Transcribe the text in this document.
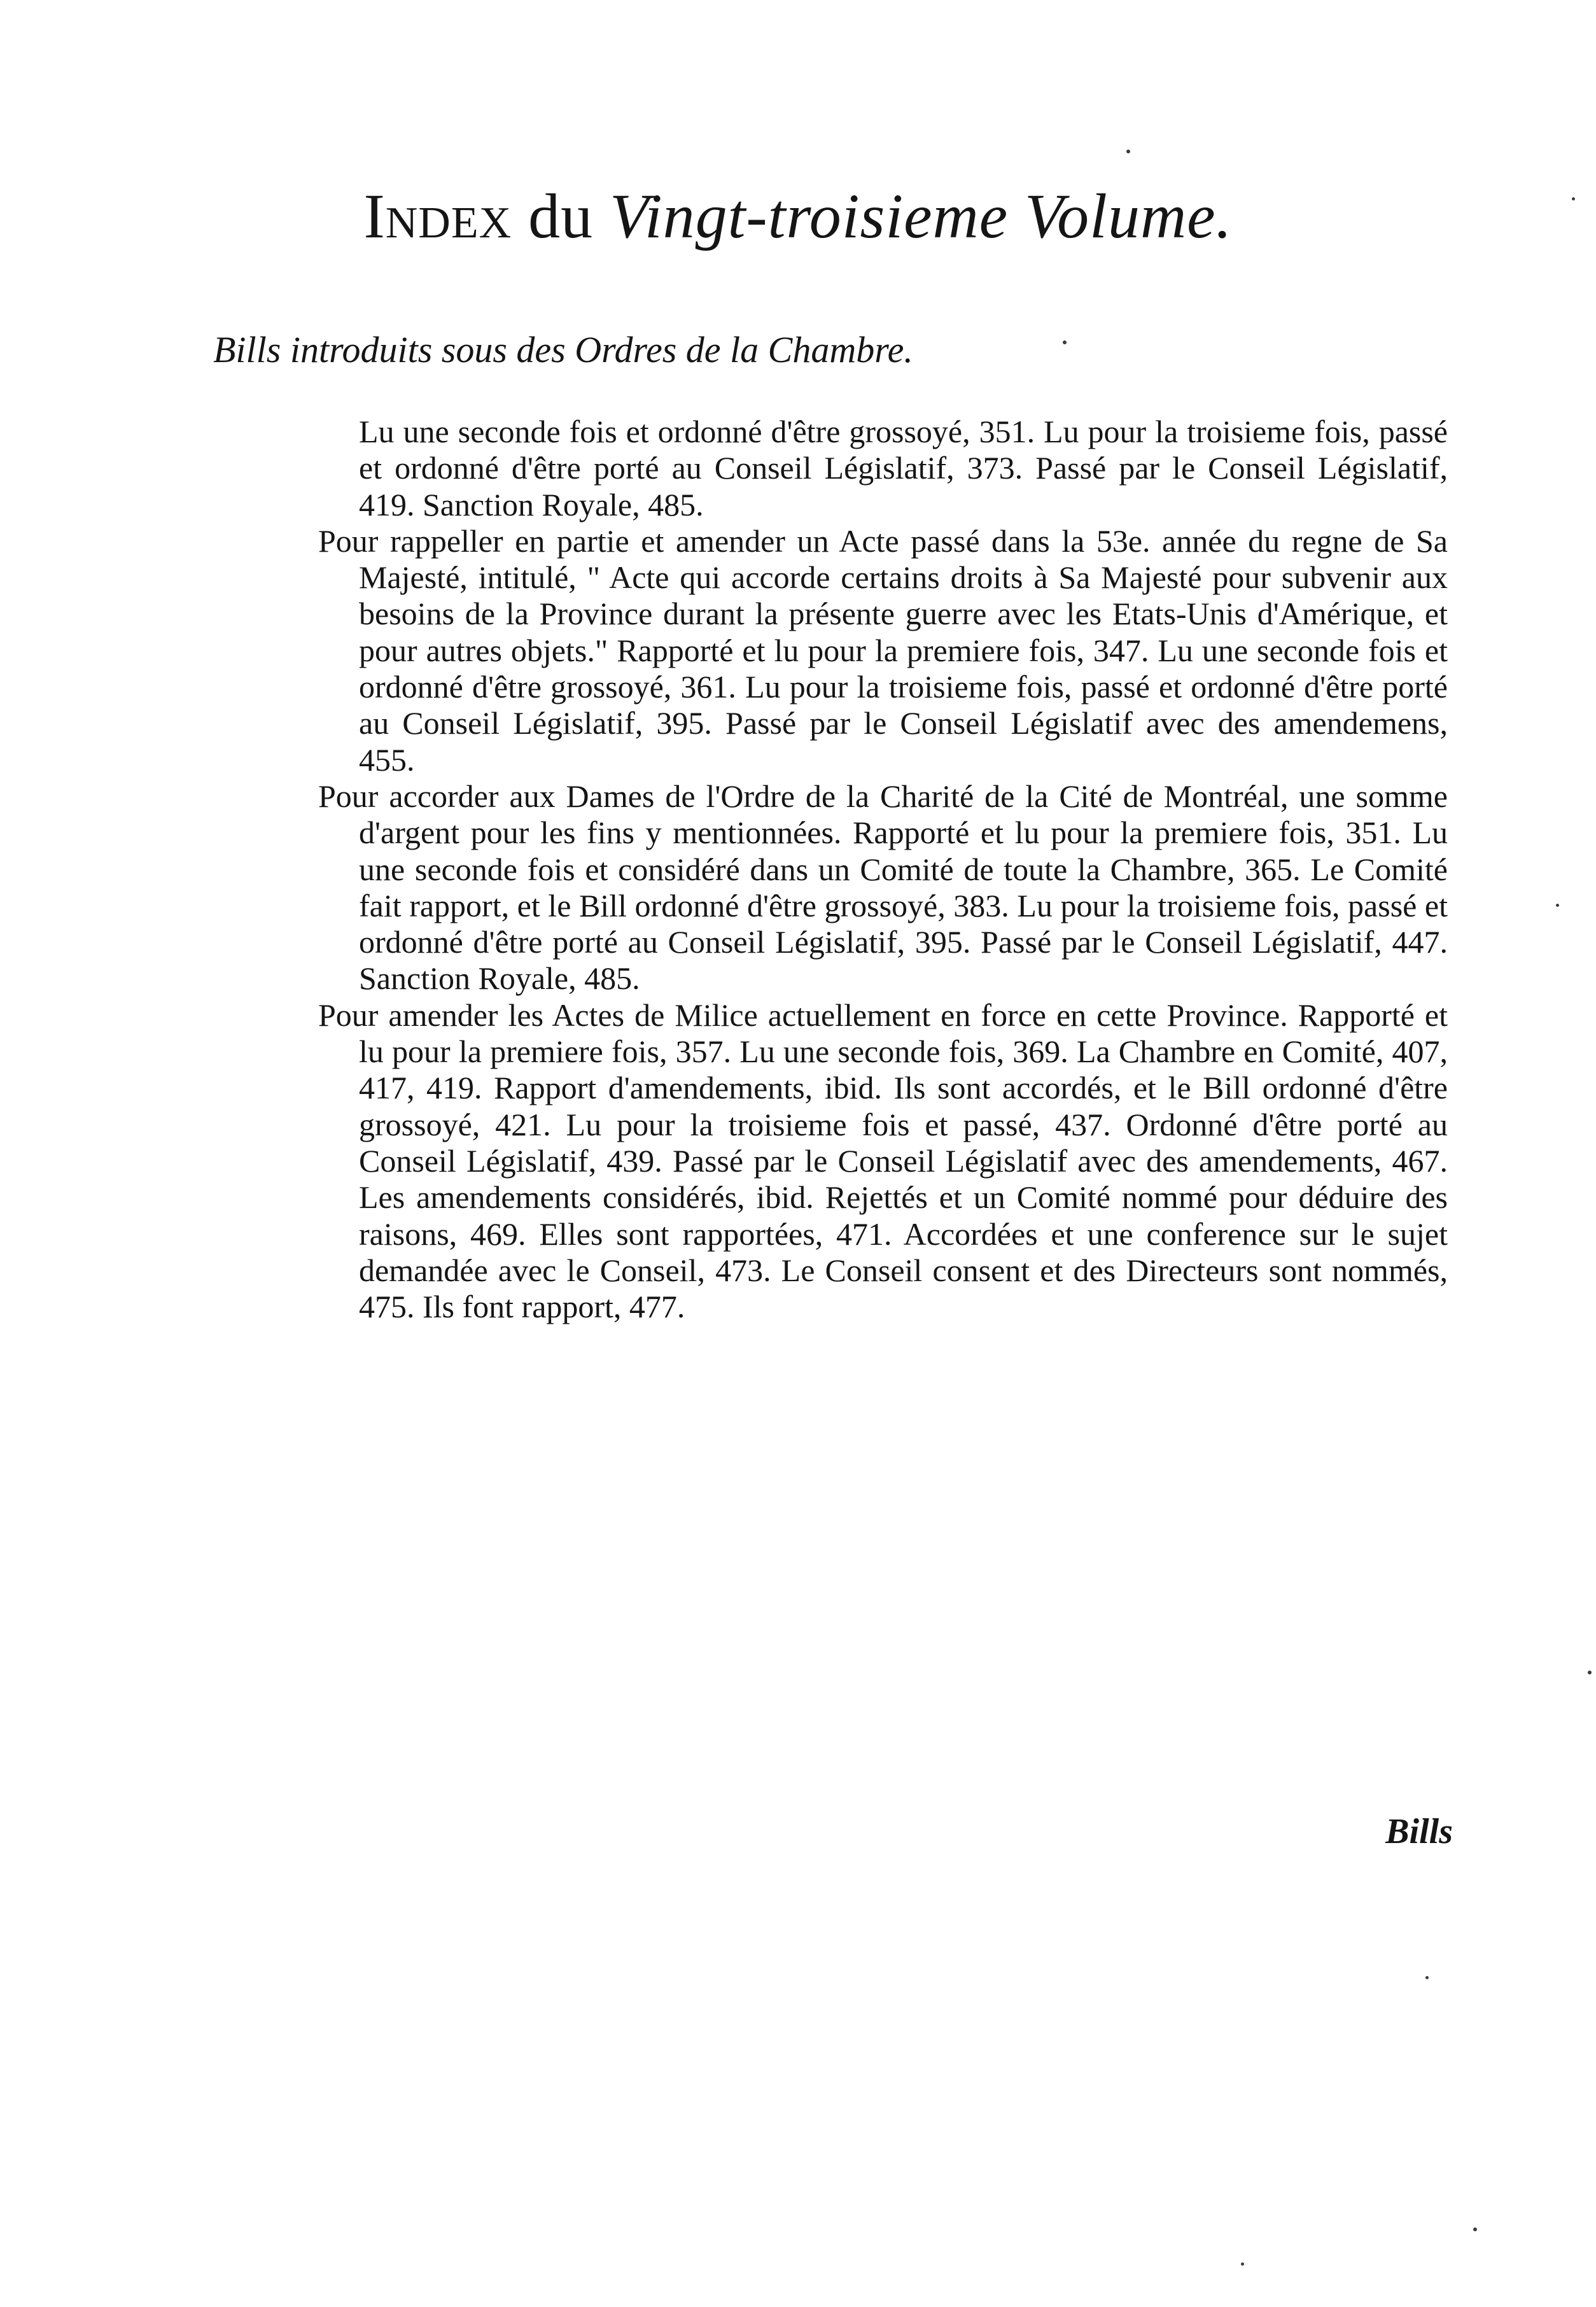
Index du Vingt-troisieme Volume.
Bills introduits sous des Ordres de la Chambre.

Lu une seconde fois et ordonné d'être grossoyé, 351. Lu pour la troisieme fois, passé et ordonné d'être porté au Conseil Législatif, 373. Passé par le Conseil Législatif, 419. Sanction Royale, 485.

Pour rappeller en partie et amender un Acte passé dans la 53e. année du regne de Sa Majesté, intitulé, " Acte qui accorde certains droits à Sa Majesté pour subvenir aux besoins de la Province durant la présente guerre avec les Etats-Unis d'Amérique, et pour autres objets." Rapporté et lu pour la premiere fois, 347. Lu une seconde fois et ordonné d'être grossoyé, 361. Lu pour la troisieme fois, passé et ordonné d'être porté au Conseil Législatif, 395. Passé par le Conseil Législatif avec des amendemens, 455.

Pour accorder aux Dames de l'Ordre de la Charité de la Cité de Montréal, une somme d'argent pour les fins y mentionnées. Rapporté et lu pour la premiere fois, 351. Lu une seconde fois et considéré dans un Comité de toute la Chambre, 365. Le Comité fait rapport, et le Bill ordonné d'être grossoyé, 383. Lu pour la troisieme fois, passé et ordonné d'être porté au Conseil Législatif, 395. Passé par le Conseil Législatif, 447. Sanction Royale, 485.

Pour amender les Actes de Milice actuellement en force en cette Province. Rapporté et lu pour la premiere fois, 357. Lu une seconde fois, 369. La Chambre en Comité, 407, 417, 419. Rapport d'amendements, ibid. Ils sont accordés, et le Bill ordonné d'être grossoyé, 421. Lu pour la troisieme fois et passé, 437. Ordonné d'être porté au Conseil Législatif, 439. Passé par le Conseil Législatif avec des amendements, 467. Les amendements considérés, ibid. Rejettés et un Comité nommé pour déduire des raisons, 469. Elles sont rapportées, 471. Accordées et une conference sur le sujet demandée avec le Conseil, 473. Le Conseil consent et des Directeurs sont nommés, 475. Ils font rapport, 477.

Bills
